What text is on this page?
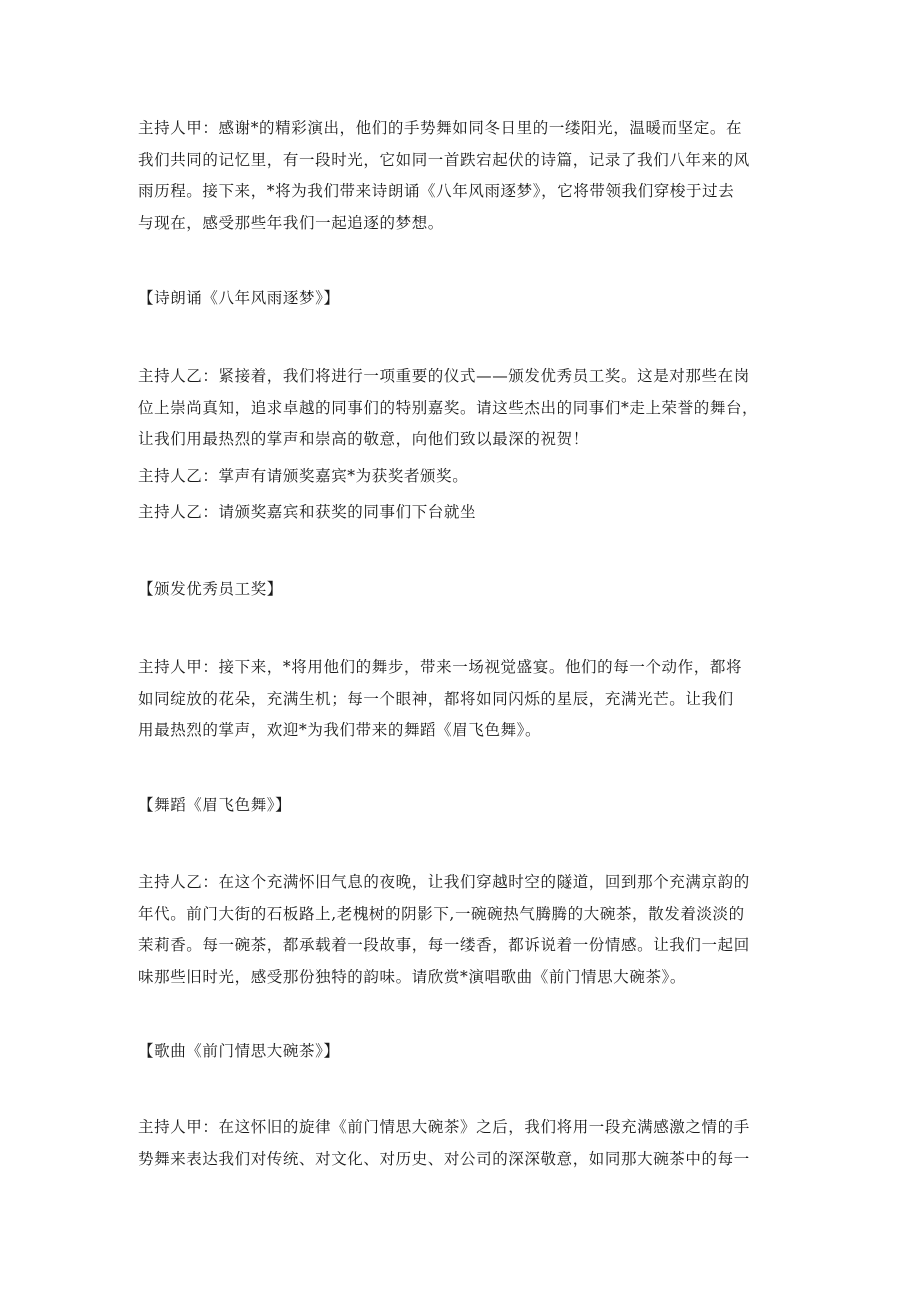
主持人甲：感谢*的精彩演出，他们的手势舞如同冬日里的一缕阳光，温暖而坚定。在
我们共同的记忆里，有一段时光，它如同一首跌宕起伏的诗篇，记录了我们八年来的风
雨历程。接下来，*将为我们带来诗朗诵《八年风雨逐梦》，它将带领我们穿梭于过去
与现在，感受那些年我们一起追逐的梦想。
【诗朗诵《八年风雨逐梦》】
主持人乙：紧接着，我们将进行一项重要的仪式——颁发优秀员工奖。这是对那些在岗
位上崇尚真知，追求卓越的同事们的特别嘉奖。请这些杰出的同事们*走上荣誉的舞台，
让我们用最热烈的掌声和崇高的敬意，向他们致以最深的祝贺！
主持人乙：掌声有请颁奖嘉宾*为获奖者颁奖。
主持人乙：请颁奖嘉宾和获奖的同事们下台就坐
【颁发优秀员工奖】
主持人甲：接下来，*将用他们的舞步，带来一场视觉盛宴。他们的每一个动作，都将
如同绽放的花朵，充满生机；每一个眼神，都将如同闪烁的星辰，充满光芒。让我们
用最热烈的掌声，欢迎*为我们带来的舞蹈《眉飞色舞》。
【舞蹈《眉飞色舞》】
主持人乙：在这个充满怀旧气息的夜晚，让我们穿越时空的隧道，回到那个充满京韵的
年代。前门大街的石板路上,老槐树的阴影下,一碗碗热气腾腾的大碗茶，散发着淡淡的
茉莉香。每一碗茶，都承载着一段故事，每一缕香，都诉说着一份情感。让我们一起回
味那些旧时光，感受那份独特的韵味。请欣赏*演唱歌曲《前门情思大碗茶》。
【歌曲《前门情思大碗茶》】
主持人甲：在这怀旧的旋律《前门情思大碗茶》之后，我们将用一段充满感激之情的手
势舞来表达我们对传统、对文化、对历史、对公司的深深敬意，如同那大碗茶中的每一
